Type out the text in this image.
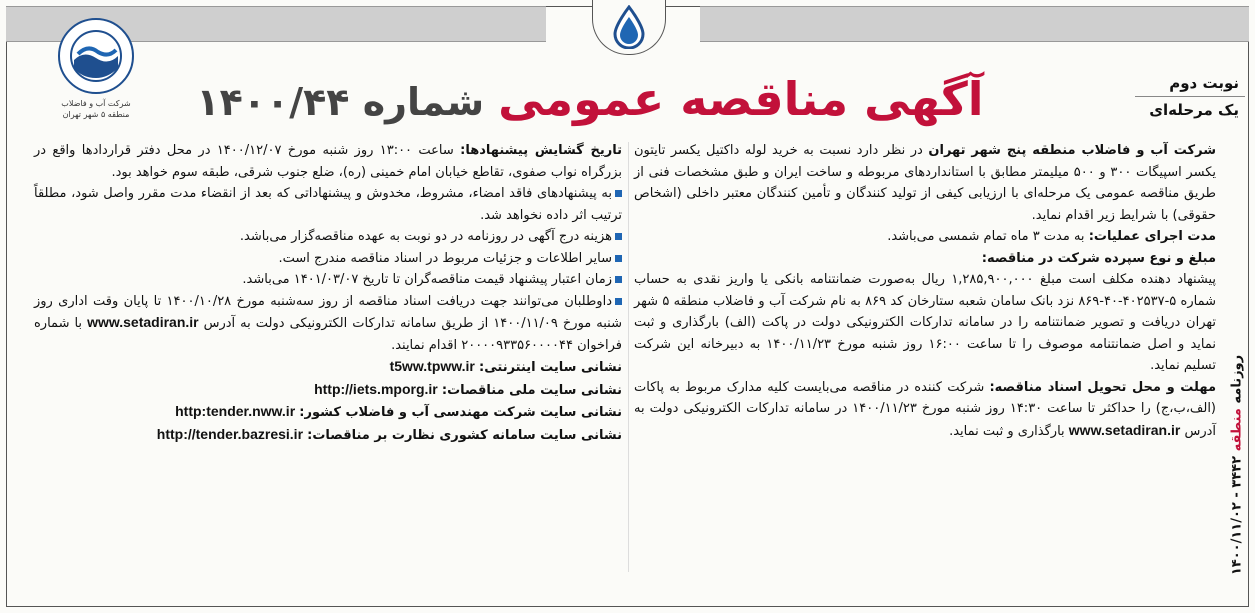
شرکت آب و فاضلاب
منطقه ۵ شهر تهران	آگهی مناقصه عمومی
شماره ۱۴۰۰/۴۴	نوبت دوم
یک مرحله‌ای

شرکت آب و فاضلاب منطقه پنج شهر تهران در نظر دارد نسبت به خرید لوله داکتیل یکسر تایتون یکسر اسپیگات ۳۰۰ و ۵۰۰ میلیمتر مطابق با استانداردهای مربوطه و ساخت ایران و طبق مشخصات فنی از طریق مناقصه عمومی یک مرحله‌ای با ارزیابی کیفی از تولید کنندگان و تأمین کنندگان معتبر داخلی (اشخاص حقوقی) با شرایط زیر اقدام نماید.

مدت اجرای عملیات: به مدت ۳ ماه تمام شمسی می‌باشد.

مبلغ و نوع سپرده شرکت در مناقصه:

پیشنهاد دهنده مکلف است مبلغ ۱,۲۸۵,۹۰۰,۰۰۰ ریال به‌صورت ضمانتنامه بانکی یا واریز نقدی به حساب شماره ۵-۴۰۲۵۳۷-۴۰-۸۶۹ نزد بانک سامان شعبه ستارخان کد ۸۶۹ به نام شرکت آب و فاضلاب منطقه ۵ شهر تهران دریافت و تصویر ضمانتنامه را در سامانه تدارکات الکترونیکی دولت در پاکت (الف) بارگذاری و ثبت نماید و اصل ضمانتنامه موصوف را تا ساعت ۱۶:۰۰ روز شنبه مورخ ۱۴۰۰/۱۱/۲۳ به دبیرخانه این شرکت تسلیم نماید.

مهلت و محل تحویل اسناد مناقصه: شرکت کننده در مناقصه می‌بایست کلیه مدارک مربوط به پاکات (الف،ب،ج) را حداکثر تا ساعت ۱۴:۳۰ روز شنبه مورخ ۱۴۰۰/۱۱/۲۳ در سامانه تدارکات الکترونیکی دولت به آدرس www.setadiran.ir بارگذاری و ثبت نماید.

تاریخ گشایش پیشنهادها: ساعت ۱۳:۰۰ روز شنبه مورخ ۱۴۰۰/۱۲/۰۷ در محل دفتر قراردادها واقع در بزرگراه نواب صفوی، تقاطع خیابان امام خمینی (ره)، ضلع جنوب شرقی، طبقه سوم خواهد بود.

به پیشنهادهای فاقد امضاء، مشروط، مخدوش و پیشنهاداتی که بعد از انقضاء مدت مقرر واصل شود، مطلقاً ترتیب اثر داده نخواهد شد.

هزینه درج آگهی در روزنامه در دو نوبت به عهده مناقصه‌گزار می‌باشد.

سایر اطلاعات و جزئیات مربوط در اسناد مناقصه مندرج است.

زمان اعتبار پیشنهاد قیمت مناقصه‌گران تا تاریخ ۱۴۰۱/۰۳/۰۷ می‌باشد.

داوطلبان می‌توانند جهت دریافت اسناد مناقصه از روز سه‌شنبه مورخ ۱۴۰۰/۱۰/۲۸ تا پایان وقت اداری روز شنبه مورخ ۱۴۰۰/۱۱/۰۹ از طریق سامانه تدارکات الکترونیکی دولت به آدرس www.setadiran.ir با شماره فراخوان ۲۰۰۰۰۹۳۳۵۶۰۰۰۰۴۴ اقدام نمایند.

نشانی سایت اینترنتی: t5ww.tpww.ir

نشانی سایت ملی مناقصات: http://iets.mporg.ir

نشانی سایت شرکت مهندسی آب و فاضلاب کشور: http:tender.nww.ir

نشانی سایت سامانه کشوری نظارت بر مناقصات: http://tender.bazresi.ir

روزنامه منطقه ۳۴۴۲ - ۱۴۰۰/۱۱/۰۲
